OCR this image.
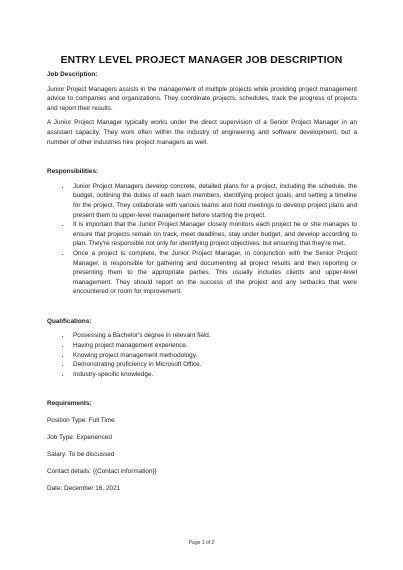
ENTRY LEVEL PROJECT MANAGER JOB DESCRIPTION

Job Description:

Junior Project Managers assists in the management of multiple projects while providing project management advice to companies and organizations. They coordinate projects, schedules, track the progress of projects and report their results.

A Junior Project Manager typically works under the direct supervision of a Senior Project Manager in an assistant capacity. They work often within the industry of engineering and software development, but a number of other industries hire project managers as well.

Responsibilities:

• Junior Project Managers develop concrete, detailed plans for a project, including the schedule, the budget, outlining the duties of each team members, identifying project goals, and setting a timeline for the project. They collaborate with various teams and hold meetings to develop project plans and present them to upper-level management before starting the project.
• It is important that the Junior Project Manager closely monitors each project he or she manages to ensure that projects remain on track, meet deadlines, stay under budget, and develop according to plan. They're responsible not only for identifying project objectives, but ensuring that they're met.
• Once a project is complete, the Junior Project Manager, in conjunction with the Senior Project Manager, is responsible for gathering and documenting all project results and then reporting or presenting them to the appropriate parties. This usually includes clients and upper-level management. They should report on the success of the project and any setbacks that were encountered or room for improvement.

Qualifications:

• Possessing a Bachelor's degree in relevant field.
• Having project management experience.
• Knowing project management methodology.
• Demonstrating proficiency in Microsoft Office.
• Industry-specific knowledge.

Requirements:

Position Type: Full Time

Job Type: Experienced

Salary: To be discussed

Contact details: {{Contact information}}

Date: December 16, 2021

Page 1 of 2
